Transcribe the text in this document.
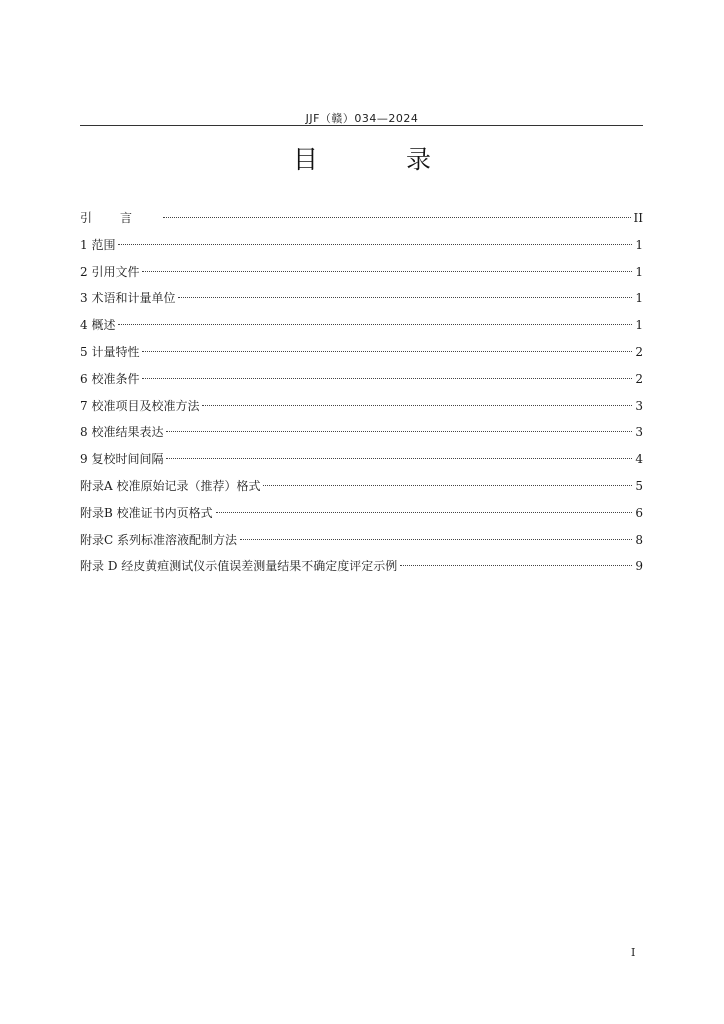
JJF（赣）034—2024
目 录
引言	II
1 范围	1
2 引用文件	1
3 术语和计量单位	1
4 概述	1
5 计量特性	2
6 校准条件	2
7 校准项目及校准方法	3
8 校准结果表达	3
9 复校时间间隔	4
附录A 校准原始记录（推荐）格式	5
附录B 校准证书内页格式	6
附录C 系列标准溶液配制方法	8
附录 D 经皮黄疸测试仪示值误差测量结果不确定度评定示例	9
I
